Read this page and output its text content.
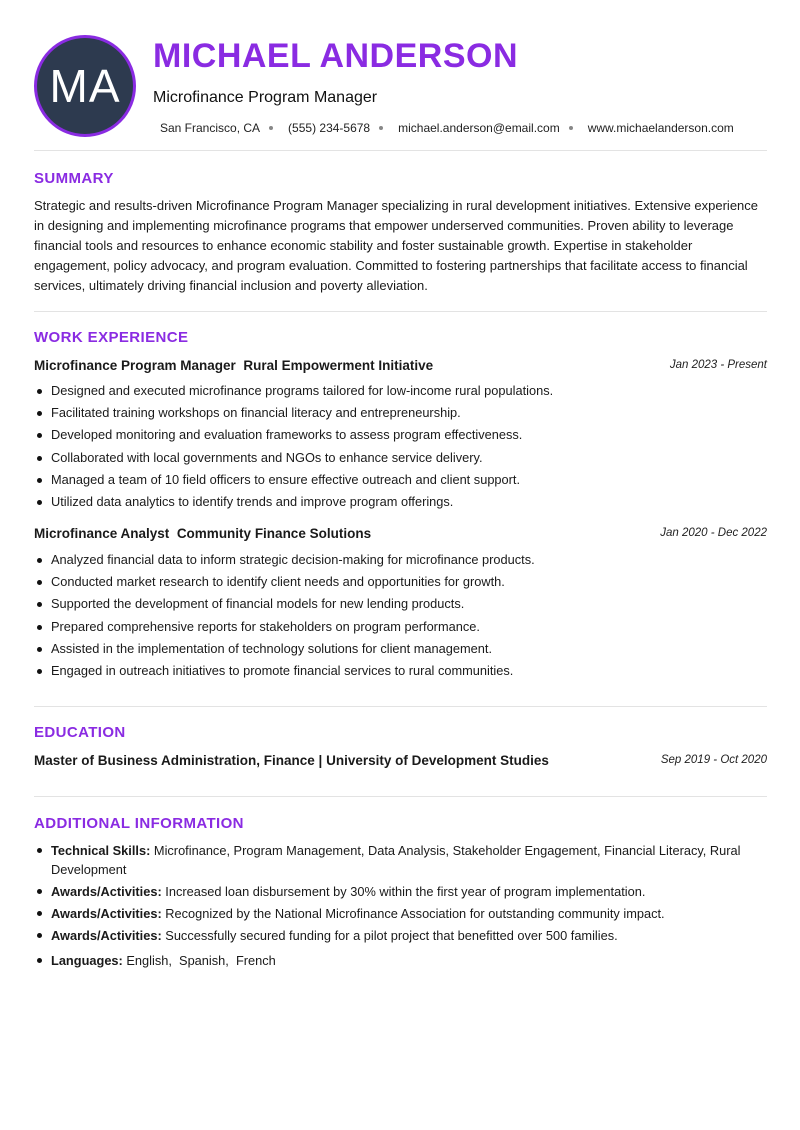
MA
MICHAEL ANDERSON
Microfinance Program Manager
San Francisco, CA (555) 234-5678 michael.anderson@email.com www.michaelanderson.com
SUMMARY

Strategic and results-driven Microfinance Program Manager specializing in rural development initiatives. Extensive experience in designing and implementing microfinance programs that empower underserved communities. Proven ability to leverage financial tools and resources to enhance economic stability and foster sustainable growth. Expertise in stakeholder engagement, policy advocacy, and program evaluation. Committed to fostering partnerships that facilitate access to financial services, ultimately driving financial inclusion and poverty alleviation.

WORK EXPERIENCE
Microfinance Program Manager Rural Empowerment Initiative	Jan 2023 - Present
Designed and executed microfinance programs tailored for low-income rural populations.
Facilitated training workshops on financial literacy and entrepreneurship.
Developed monitoring and evaluation frameworks to assess program effectiveness.
Collaborated with local governments and NGOs to enhance service delivery.
Managed a team of 10 field officers to ensure effective outreach and client support.
Utilized data analytics to identify trends and improve program offerings.
Microfinance Analyst Community Finance Solutions	Jan 2020 - Dec 2022
Analyzed financial data to inform strategic decision-making for microfinance products.
Conducted market research to identify client needs and opportunities for growth.
Supported the development of financial models for new lending products.
Prepared comprehensive reports for stakeholders on program performance.
Assisted in the implementation of technology solutions for client management.
Engaged in outreach initiatives to promote financial services to rural communities.
EDUCATION
Master of Business Administration, Finance | University of Development Studies	Sep 2019 - Oct 2020
ADDITIONAL INFORMATION
Technical Skills: Microfinance, Program Management, Data Analysis, Stakeholder Engagement, Financial Literacy, Rural Development
Awards/Activities: Increased loan disbursement by 30% within the first year of program implementation.
Awards/Activities: Recognized by the National Microfinance Association for outstanding community impact.
Awards/Activities: Successfully secured funding for a pilot project that benefitted over 500 families.
Languages: English,  Spanish,  French
